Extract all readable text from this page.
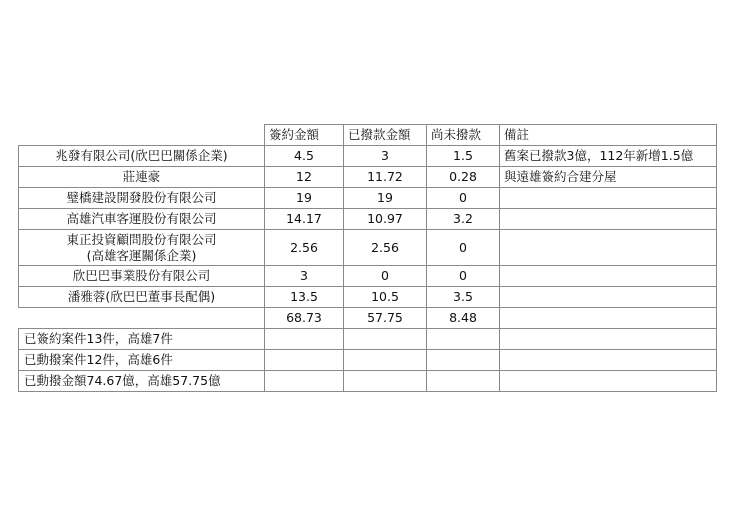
	簽約金額	已撥款金額	尚未撥款	備註
兆發有限公司(欣巴巴關係企業)	4.5	3	1.5	舊案已撥款3億，112年新增1.5億
莊連豪	12	11.72	0.28	與遠雄簽約合建分屋
璧橋建設開發股份有限公司	19	19	0	
高雄汽車客運股份有限公司	14.17	10.97	3.2	

東正投資顧問股份有限公司
(高雄客運關係企業)	2.56	2.56	0	
欣巴巴事業股份有限公司	3	0	0	
潘雅蓉(欣巴巴董事長配偶)	13.5	10.5	3.5	
	68.73	57.75	8.48	
已簽約案件13件，高雄7件				
已動撥案件12件，高雄6件				
已動撥金額74.67億，高雄57.75億				
